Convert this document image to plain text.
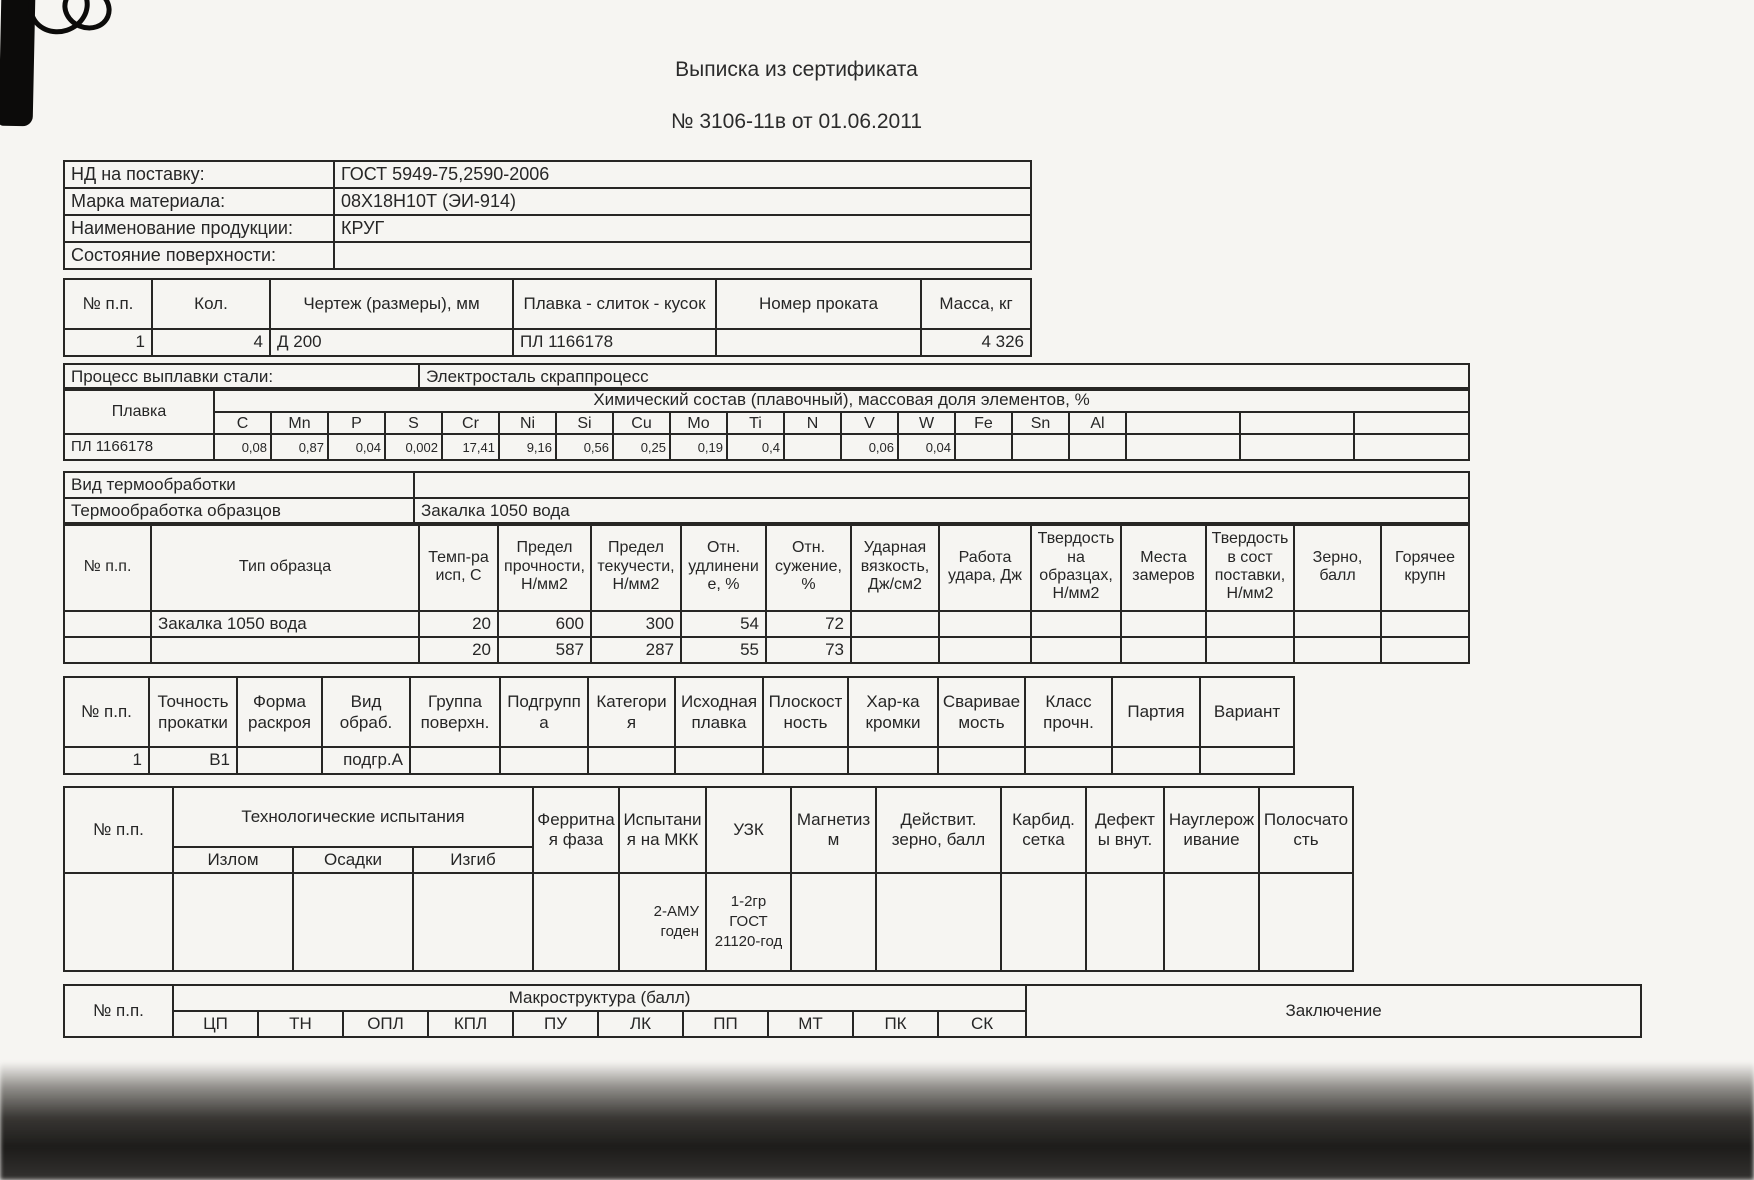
Выписка из сертификата
№ 3106-11в от 01.06.2011
НД на поставку:	ГОСТ 5949-75,2590-2006
Марка материала:	08Х18Н10Т (ЭИ-914)
Наименование продукции:	КРУГ
Состояние поверхности:	
№ п.п.	Кол.	Чертеж (размеры), мм	Плавка - слиток - кусок	Номер проката	Масса, кг
1	4	Д 200	ПЛ 1166178		4 326
Процесс выплавки стали:	Электросталь скраппроцесс
Плавка	Химический состав (плавочный), массовая доля элементов, %																		
	C	Mn	P	S	Cr	Ni	Si	Cu	Mo	Ti	N	V	W	Fe	Sn	Al			
ПЛ 1166178	0,08	0,87	0,04	0,002	17,41	9,16	0,56	0,25	0,19	0,4		0,06	0,04						
Вид термообработки	
Термообработка образцов	Закалка 1050 вода
№ п.п.	Тип образца	Темп-ра исп, С	Предел прочности, Н/мм2	Предел текучести, Н/мм2	Отн. удлинение, %	Отн. сужение, %	Ударная вязкость, Дж/см2	Работа удара, Дж	Твердость на образцах, Н/мм2	Места замеров	Твердость в сост поставки, Н/мм2	Зерно, балл	Горячее крупн
	Закалка 1050 вода	20	600	300	54	72							
		20	587	287	55	73							
№ п.п.	Точность прокатки	Форма раскроя	Вид обраб.	Группа поверхн.	Подгруппа	Категория	Исходная плавка	Плоскостность	Хар-ка кромки	Свариваемость	Класс прочн.	Партия	Вариант
1	В1		подгр.А										
№ п.п.	Технологические испытания			Ферритная фаза	Испытания на МКК	УЗК	Магнетизм	Действит. зерно, балл	Карбид. сетка	Дефекты внут.	Науглероживание	Полосчатость
	Излом	Осадки	Изгиб									
					2-АМУ годен	1-2гр ГОСТ 21120-год						
№ п.п.	Макроструктура (балл)										Заключение
	ЦП	ТН	ОПЛ	КПЛ	ПУ	ЛК	ПП	МТ	ПК	СК	
